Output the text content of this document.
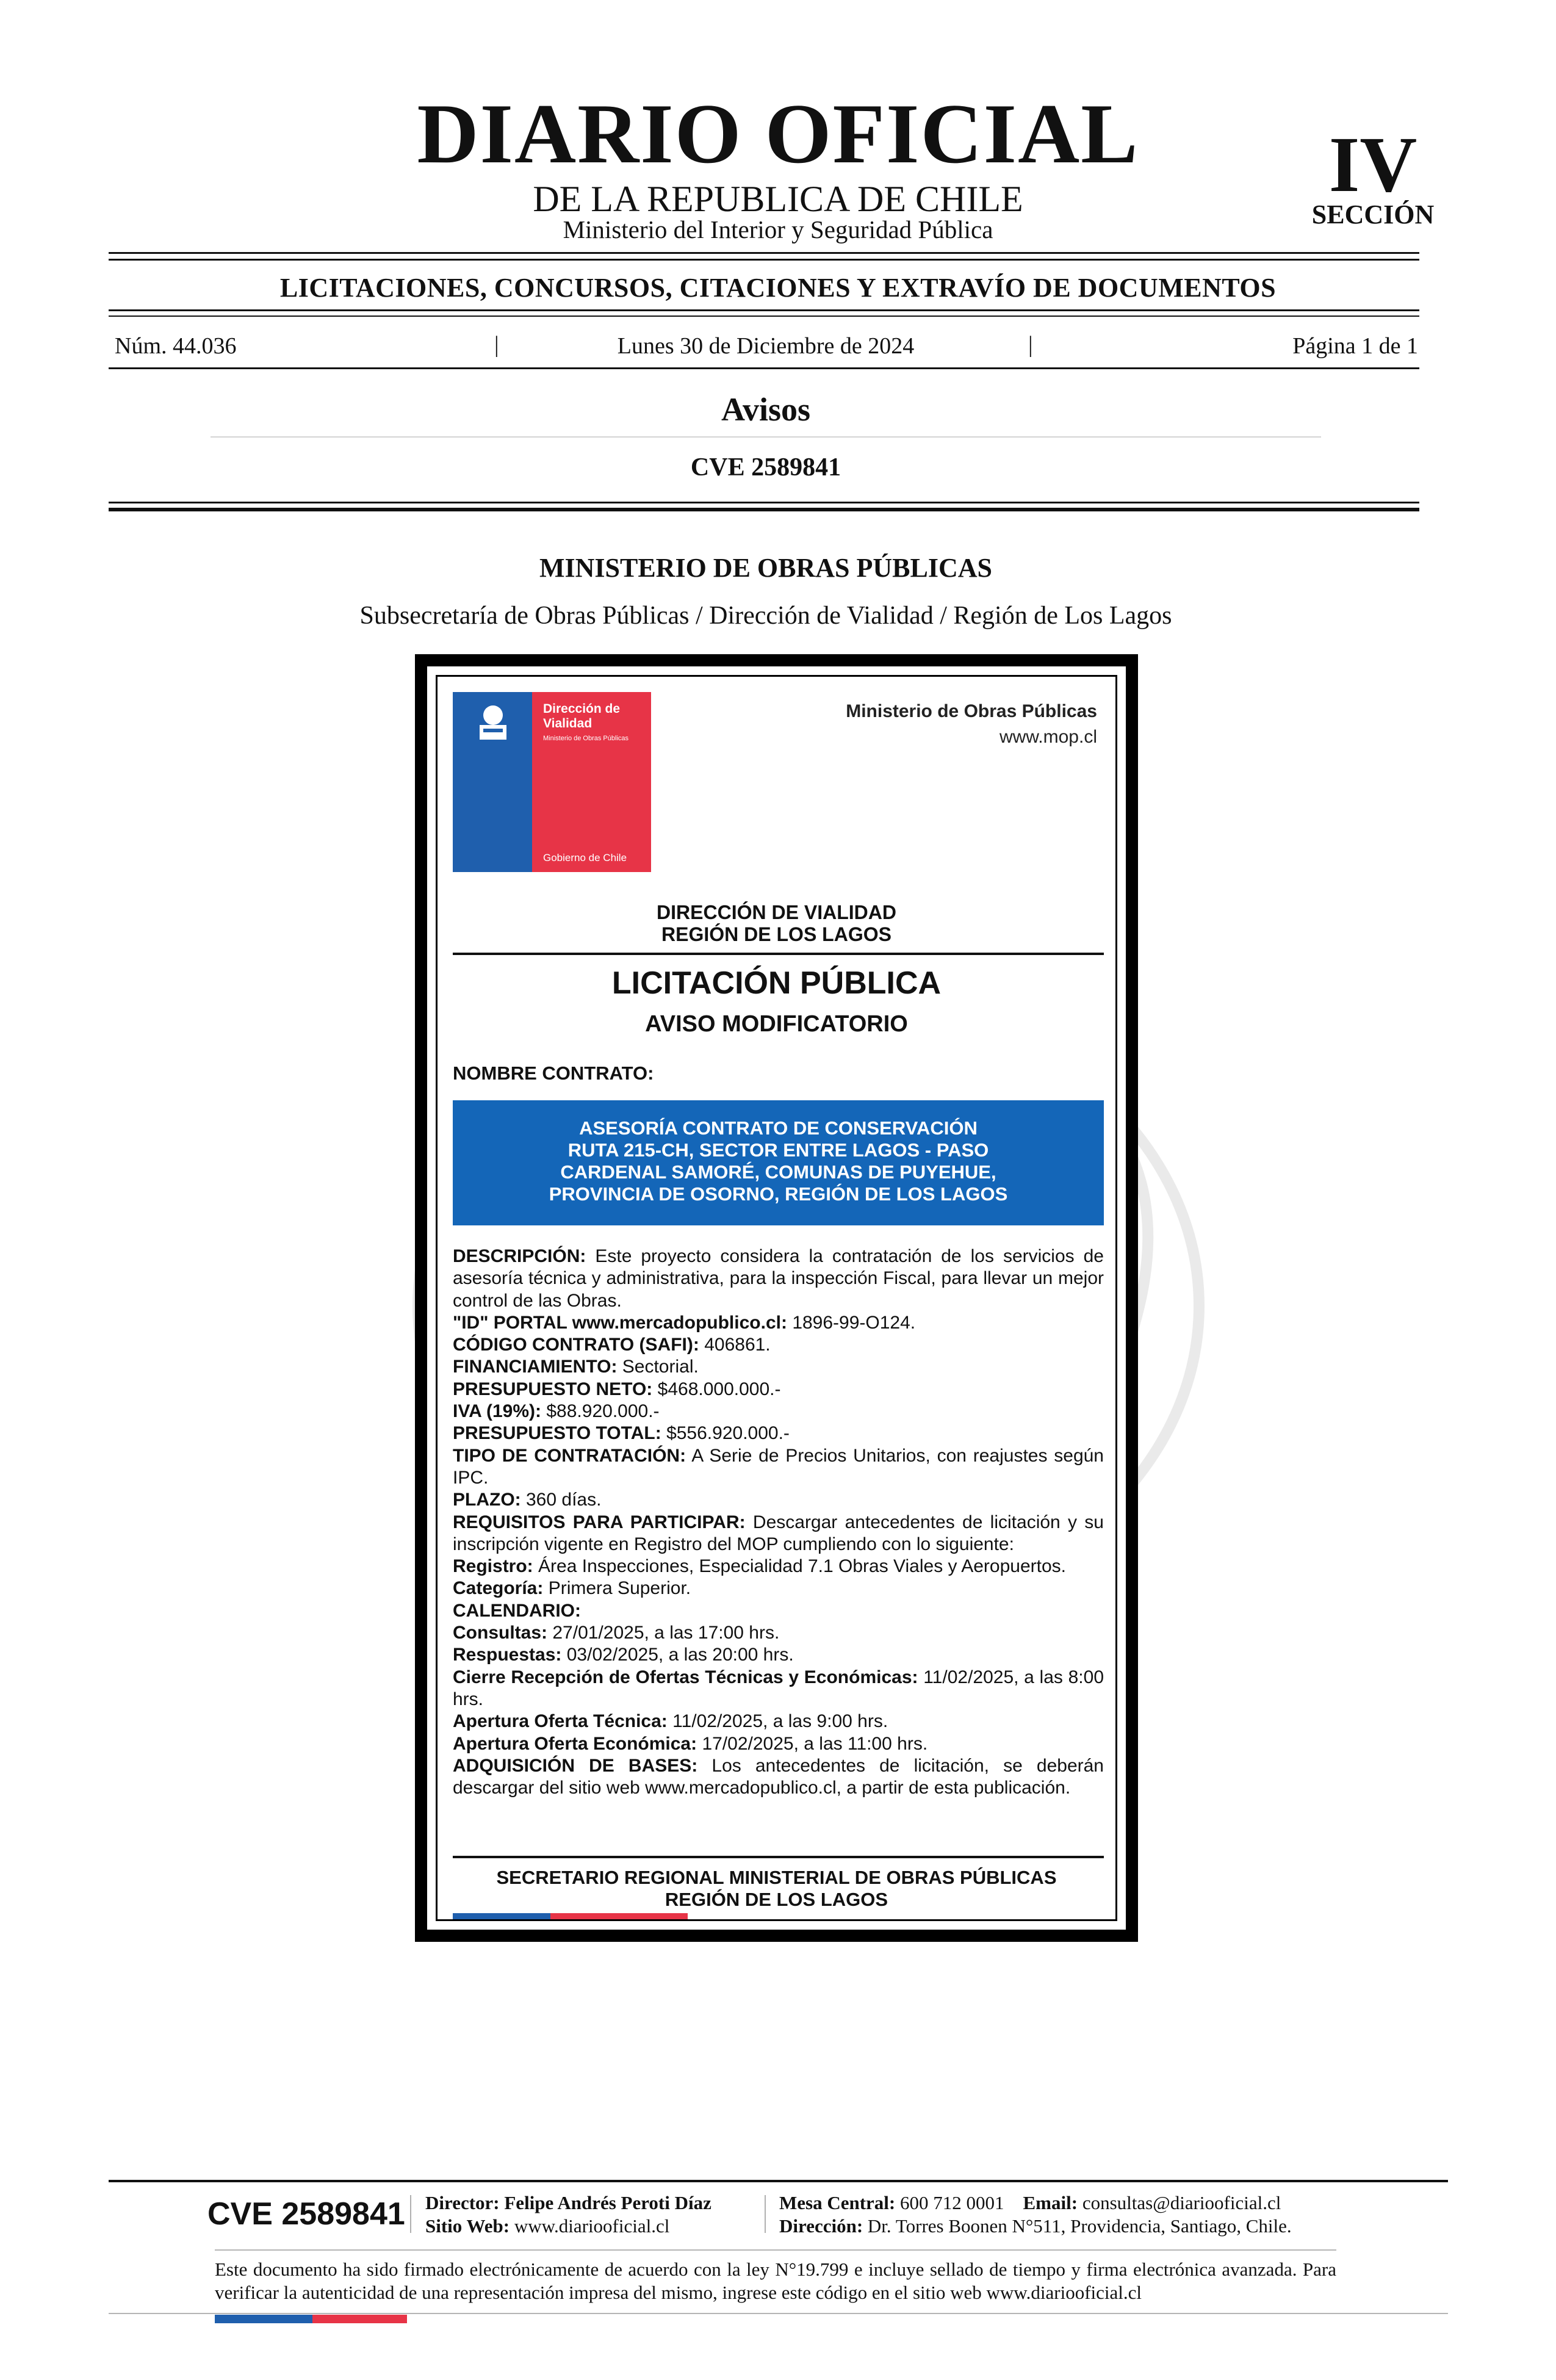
DIARIO OFICIAL
DE LA REPUBLICA DE CHILE
Ministerio del Interior y Seguridad Pública
IV
SECCIÓN
LICITACIONES, CONCURSOS, CITACIONES Y EXTRAVÍO DE DOCUMENTOS
Núm. 44.036	|	Lunes 30 de Diciembre de 2024	|	Página 1 de 1
Avisos
CVE 2589841
MINISTERIO DE OBRAS PÚBLICAS
Subsecretaría de Obras Públicas / Dirección de Vialidad / Región de Los Lagos
Dirección de
Vialidad
Ministerio de Obras Públicas
Gobierno de Chile
Ministerio de Obras Públicas
www.mop.cl
DIRECCIÓN DE VIALIDAD
REGIÓN DE LOS LAGOS
LICITACIÓN PÚBLICA
AVISO MODIFICATORIO
NOMBRE CONTRATO:
ASESORÍA CONTRATO DE CONSERVACIÓN
RUTA 215-CH, SECTOR ENTRE LAGOS - PASO
CARDENAL SAMORÉ, COMUNAS DE PUYEHUE,
PROVINCIA DE OSORNO, REGIÓN DE LOS LAGOS

DESCRIPCIÓN: Este proyecto considera la contratación de los servicios de asesoría técnica y administrativa, para la inspección Fiscal, para llevar un mejor control de las Obras.

"ID" PORTAL www.mercadopublico.cl: 1896-99-O124.

CÓDIGO CONTRATO (SAFI): 406861.

FINANCIAMIENTO: Sectorial.

PRESUPUESTO NETO: $468.000.000.-

IVA (19%): $88.920.000.-

PRESUPUESTO TOTAL: $556.920.000.-

TIPO DE CONTRATACIÓN: A Serie de Precios Unitarios, con reajustes según IPC.

PLAZO: 360 días.

REQUISITOS PARA PARTICIPAR: Descargar antecedentes de licitación y su inscripción vigente en Registro del MOP cumpliendo con lo siguiente:

Registro: Área Inspecciones, Especialidad 7.1 Obras Viales y Aeropuertos.

Categoría: Primera Superior.

CALENDARIO:

Consultas: 27/01/2025, a las 17:00 hrs.

Respuestas: 03/02/2025, a las 20:00 hrs.

Cierre Recepción de Ofertas Técnicas y Económicas: 11/02/2025, a las 8:00 hrs.

Apertura Oferta Técnica: 11/02/2025, a las 9:00 hrs.

Apertura Oferta Económica: 17/02/2025, a las 11:00 hrs.

ADQUISICIÓN DE BASES: Los antecedentes de licitación, se deberán descargar del sitio web www.mercadopublico.cl, a partir de esta publicación.

SECRETARIO REGIONAL MINISTERIAL DE OBRAS PÚBLICAS
REGIÓN DE LOS LAGOS
CVE 2589841 Director: Felipe Andrés Peroti Díaz
Sitio Web: www.diariooficial.cl
Mesa Central: 600 712 0001 Email: consultas@diariooficial.cl
Dirección: Dr. Torres Boonen N°511, Providencia, Santiago, Chile.
Este documento ha sido firmado electrónicamente de acuerdo con la ley N°19.799 e incluye sellado de tiempo y firma electrónica avanzada. Para verificar la autenticidad de una representación impresa del mismo, ingrese este código en el sitio web www.diariooficial.cl
